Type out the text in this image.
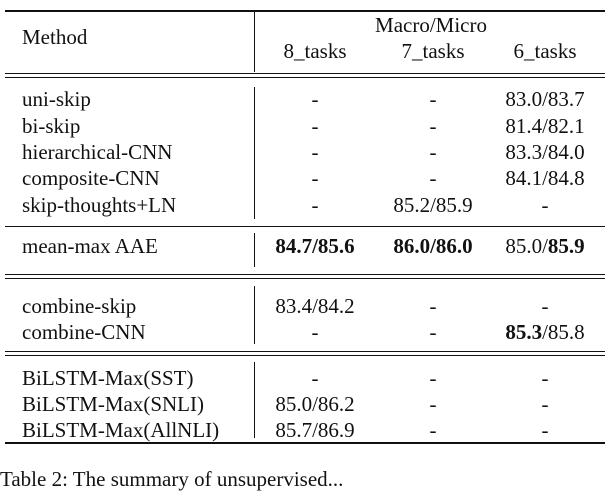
Method	Macro/Micro
8_tasks	7_tasks	6_tasks
uni-skip	-	-	83.0/83.7
bi-skip	-	-	81.4/82.1
hierarchical-CNN	-	-	83.3/84.0
composite-CNN	-	-	84.1/84.8
skip-thoughts+LN	-	85.2/85.9	-
mean-max AAE	84.7/85.6	86.0/86.0	85.0/85.9
combine-skip	83.4/84.2	-	-
combine-CNN	-	-	85.3/85.8
BiLSTM-Max(SST)	-	-	-
BiLSTM-Max(SNLI)	85.0/86.2	-	-
BiLSTM-Max(AllNLI)	85.7/86.9	-	-
Table 2: The summary of unsupervised...
